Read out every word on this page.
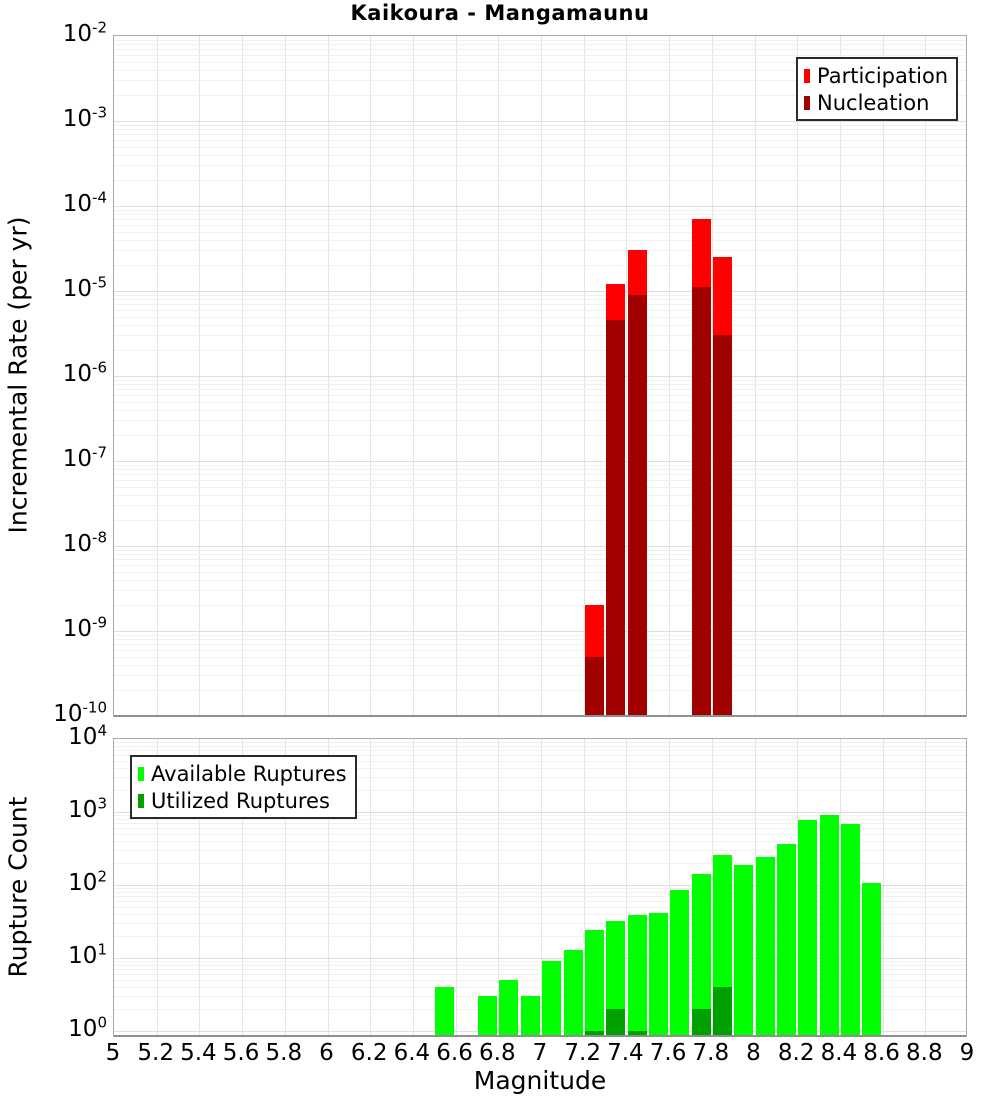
Kaikoura - Mangamaunu
Incremental Rate (per yr)
Rupture Count
Magnitude
Participation
Nucleation
Available Ruptures
Utilized Ruptures
$10^{-2}$
$10^{-3}$
$10^{-4}$
$10^{-5}$
$10^{-6}$
$10^{-7}$
$10^{-8}$
$10^{-9}$
$10^{-10}$
$10^4$
$10^3$
$10^2$
$10^1$
$10^0$
5 5.2 5.4 5.6 5.8 6 6.2 6.4 6.6 6.8 7 7.2 7.4 7.6 7.8 8 8.2 8.4 8.6 8.8 9
